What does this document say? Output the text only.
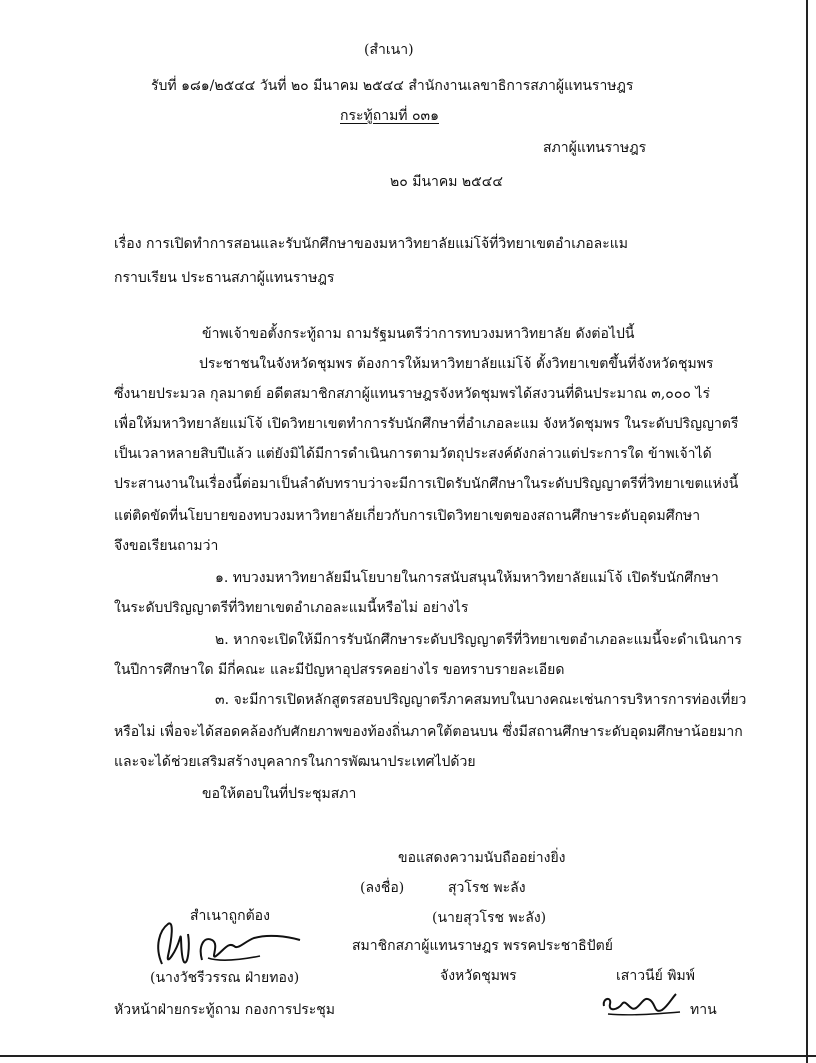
(สำเนา)
รับที่ ๑๘๑/๒๕๔๔ วันที่ ๒๐ มีนาคม ๒๕๔๔ สำนักงานเลขาธิการสภาผู้แทนราษฎร
กระทู้ถามที่ ๐๓๑
สภาผู้แทนราษฎร
๒๐ มีนาคม ๒๕๔๔
เรื่อง การเปิดทำการสอนและรับนักศึกษาของมหาวิทยาลัยแม่โจ้ที่วิทยาเขตอำเภอละแม
กราบเรียน ประธานสภาผู้แทนราษฎร
ข้าพเจ้าขอตั้งกระทู้ถาม ถามรัฐมนตรีว่าการทบวงมหาวิทยาลัย ดังต่อไปนี้
ประชาชนในจังหวัดชุมพร ต้องการให้มหาวิทยาลัยแม่โจ้ ตั้งวิทยาเขตขึ้นที่จังหวัดชุมพร
ซึ่งนายประมวล กุลมาตย์ อดีตสมาชิกสภาผู้แทนราษฎรจังหวัดชุมพรได้สงวนที่ดินประมาณ ๓,๐๐๐ ไร่
เพื่อให้มหาวิทยาลัยแม่โจ้ เปิดวิทยาเขตทำการรับนักศึกษาที่อำเภอละแม จังหวัดชุมพร ในระดับปริญญาตรี
เป็นเวลาหลายสิบปีแล้ว แต่ยังมิได้มีการดำเนินการตามวัตถุประสงค์ดังกล่าวแต่ประการใด ข้าพเจ้าได้
ประสานงานในเรื่องนี้ต่อมาเป็นลำดับทราบว่าจะมีการเปิดรับนักศึกษาในระดับปริญญาตรีที่วิทยาเขตแห่งนี้
แต่ติดขัดที่นโยบายของทบวงมหาวิทยาลัยเกี่ยวกับการเปิดวิทยาเขตของสถานศึกษาระดับอุดมศึกษา
จึงขอเรียนถามว่า
๑. ทบวงมหาวิทยาลัยมีนโยบายในการสนับสนุนให้มหาวิทยาลัยแม่โจ้ เปิดรับนักศึกษา
ในระดับปริญญาตรีที่วิทยาเขตอำเภอละแมนี้หรือไม่ อย่างไร
๒. หากจะเปิดให้มีการรับนักศึกษาระดับปริญญาตรีที่วิทยาเขตอำเภอละแมนี้จะดำเนินการ
ในปีการศึกษาใด มีกี่คณะ และมีปัญหาอุปสรรคอย่างไร ขอทราบรายละเอียด
๓. จะมีการเปิดหลักสูตรสอบปริญญาตรีภาคสมทบในบางคณะเช่นการบริหารการท่องเที่ยว
หรือไม่ เพื่อจะได้สอดคล้องกับศักยภาพของท้องถิ่นภาคใต้ตอนบน ซึ่งมีสถานศึกษาระดับอุดมศึกษาน้อยมาก
และจะได้ช่วยเสริมสร้างบุคลากรในการพัฒนาประเทศไปด้วย
ขอให้ตอบในที่ประชุมสภา
ขอแสดงความนับถืออย่างยิ่ง
(ลงชื่อ)	สุวโรช พะลัง
(นายสุวโรช พะลัง)
สมาชิกสภาผู้แทนราษฎร พรรคประชาธิปัตย์
จังหวัดชุมพร
สำเนาถูกต้อง
(นางวัชรีวรรณ ฝ่ายทอง)
หัวหน้าฝ่ายกระทู้ถาม กองการประชุม
เสาวนีย์ พิมพ์
ทาน
